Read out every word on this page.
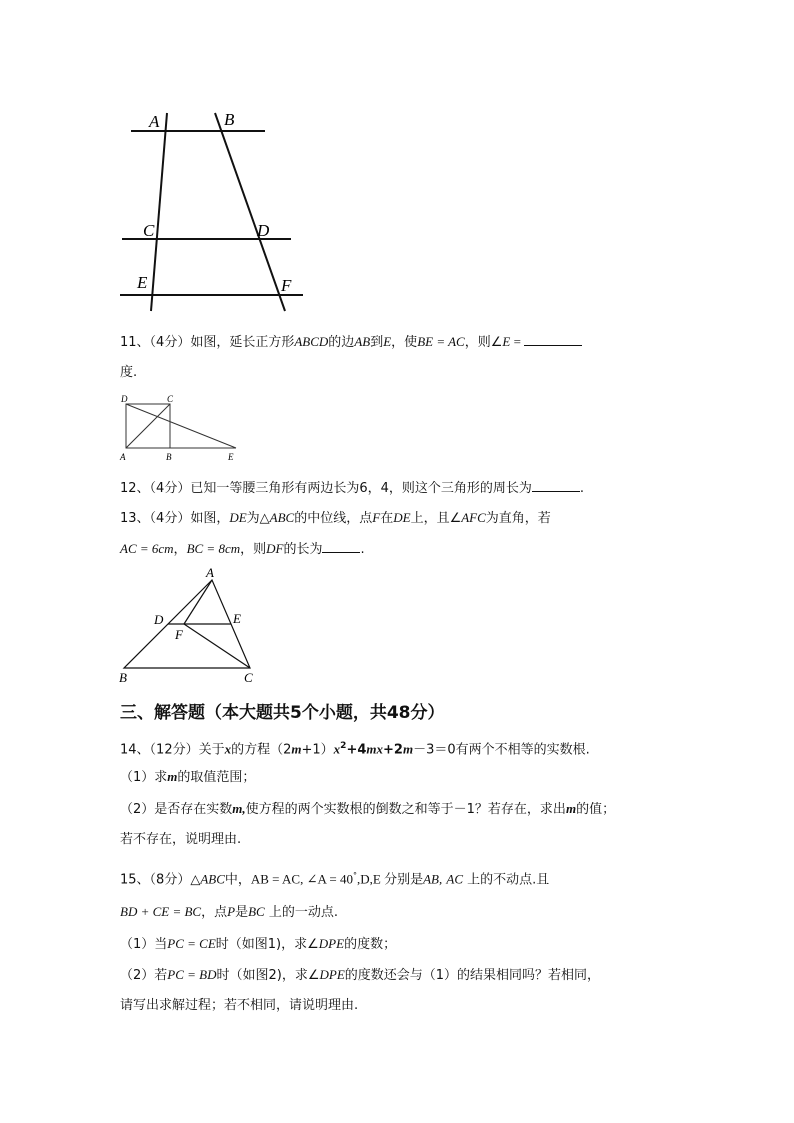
A	B
C	D
E	F
11、（4分）如图，延长正方形ABCD的边AB到E，使BE = AC，则∠E =
度.
D	C
A	B	E
12、（4分）已知一等腰三角形有两边长为6，4，则这个三角形的周长为	.
13、（4分）如图，DE为△ABC的中位线，点F在DE上，且∠AFC为直角，若
AC = 6cm，BC = 8cm，则DF的长为	.
A
D	E
F
B	C
三、解答题（本大题共5个小题，共48分）
14、（12分）关于x的方程$(2m+1)x^2+4mx+2m-3=0$有两个不相等的实数根.
（1）求m的取值范围；
（2）是否存在实数m,使方程的两个实数根的倒数之和等于－1？若存在，求出m的值；
若不存在，说明理由.
15、（8分）△ABC中，AB = AC, ∠A = 40°,D,E 分别是AB, AC 上的不动点.且
BD + CE = BC，点P是BC 上的一动点.
（1）当PC = CE时（如图1)，求∠DPE的度数；
（2）若PC = BD时（如图2)，求∠DPE的度数还会与（1）的结果相同吗？若相同，
请写出求解过程；若不相同，请说明理由.
